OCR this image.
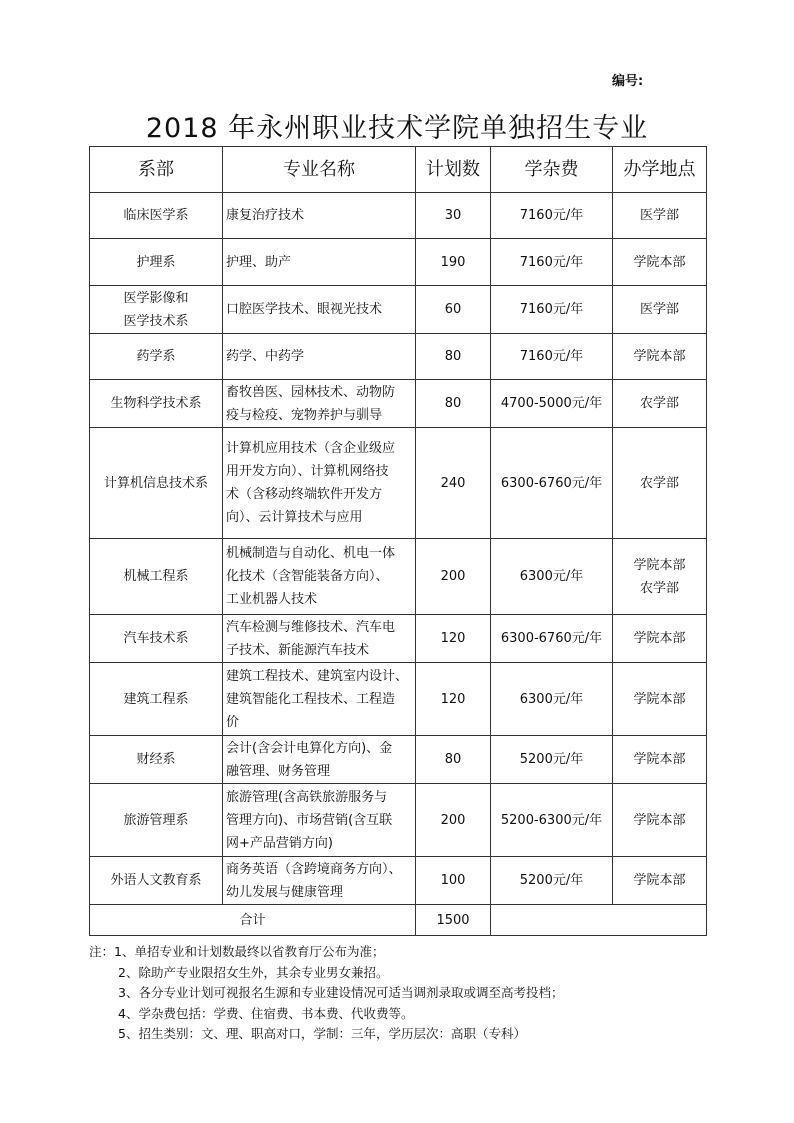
编号:
2018 年永州职业技术学院单独招生专业
系部	专业名称	计划数	学杂费	办学地点

临床医学系	康复治疗技术	30	7160元/年	医学部

护理系	护理、助产	190	7160元/年	学院本部

医学影像和
医学技术系	口腔医学技术、眼视光技术	60	7160元/年	医学部

药学系	药学、中药学	80	7160元/年	学院本部

生物科学技术系	畜牧兽医、园林技术、动物防
疫与检疫、宠物养护与驯导	80	4700-5000元/年	农学部

计算机信息技术系	计算机应用技术（含企业级应
用开发方向）、计算机网络技
术（含移动终端软件开发方
向）、云计算技术与应用	240	6300-6760元/年	农学部

机械工程系	机械制造与自动化、机电一体
化技术（含智能装备方向）、
工业机器人技术	200	6300元/年	学院本部
农学部

汽车技术系	汽车检测与维修技术、汽车电
子技术、新能源汽车技术	120	6300-6760元/年	学院本部

建筑工程系	建筑工程技术、建筑室内设计、
建筑智能化工程技术、工程造
价	120	6300元/年	学院本部

财经系	会计(含会计电算化方向)、金
融管理、财务管理	80	5200元/年	学院本部

旅游管理系	旅游管理(含高铁旅游服务与
管理方向)、市场营销(含互联
网+产品营销方向)	200	5200-6300元/年	学院本部

外语人文教育系	商务英语（含跨境商务方向）、
幼儿发展与健康管理	100	5200元/年	学院本部

合计		1500		
注：1、单招专业和计划数最终以省教育厅公布为准；
2、除助产专业限招女生外，其余专业男女兼招。
3、各分专业计划可视报名生源和专业建设情况可适当调剂录取或调至高考投档；
4、学杂费包括：学费、住宿费、书本费、代收费等。
5、招生类别：文、理、职高对口，学制：三年，学历层次：高职（专科）
